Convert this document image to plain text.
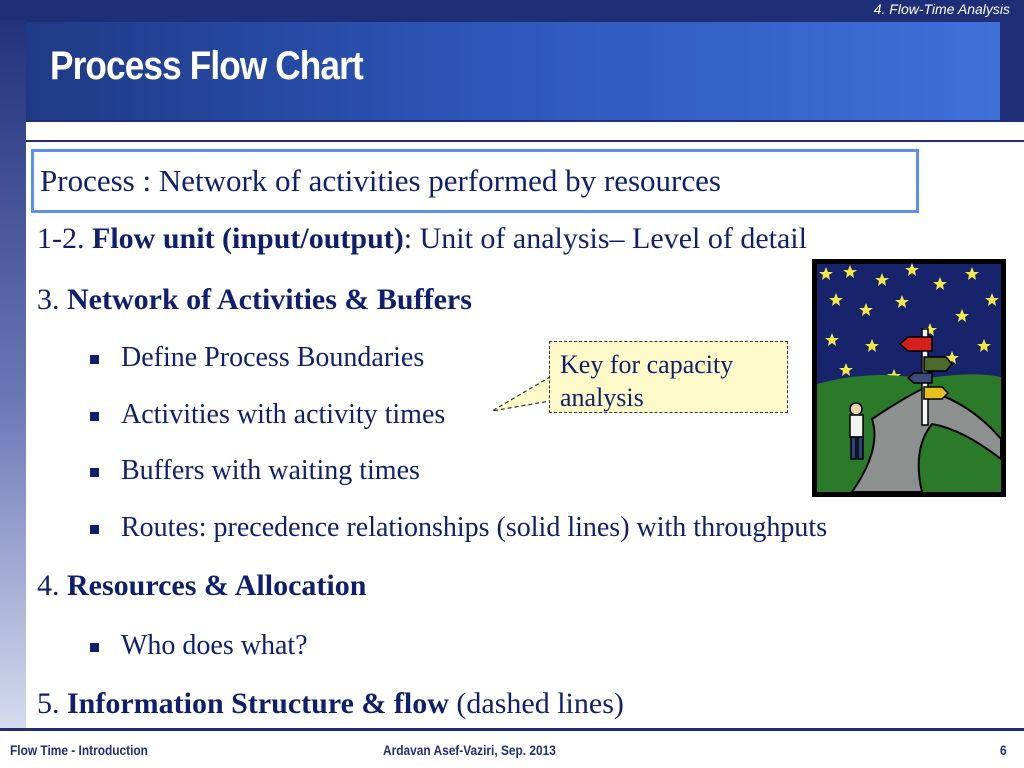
4. Flow-Time Analysis
Process Flow Chart
Process : Network of activities performed by resources
1-2. Flow unit (input/output): Unit of analysis– Level of detail
3. Network of Activities & Buffers
Define Process Boundaries
Activities with activity times
Buffers with waiting times
Routes: precedence relationships (solid lines) with throughputs
4. Resources & Allocation
Who does what?
5. Information Structure & flow (dashed lines)
Key for capacity analysis
Flow Time - Introduction	Ardavan Asef-Vaziri, Sep. 2013	6
